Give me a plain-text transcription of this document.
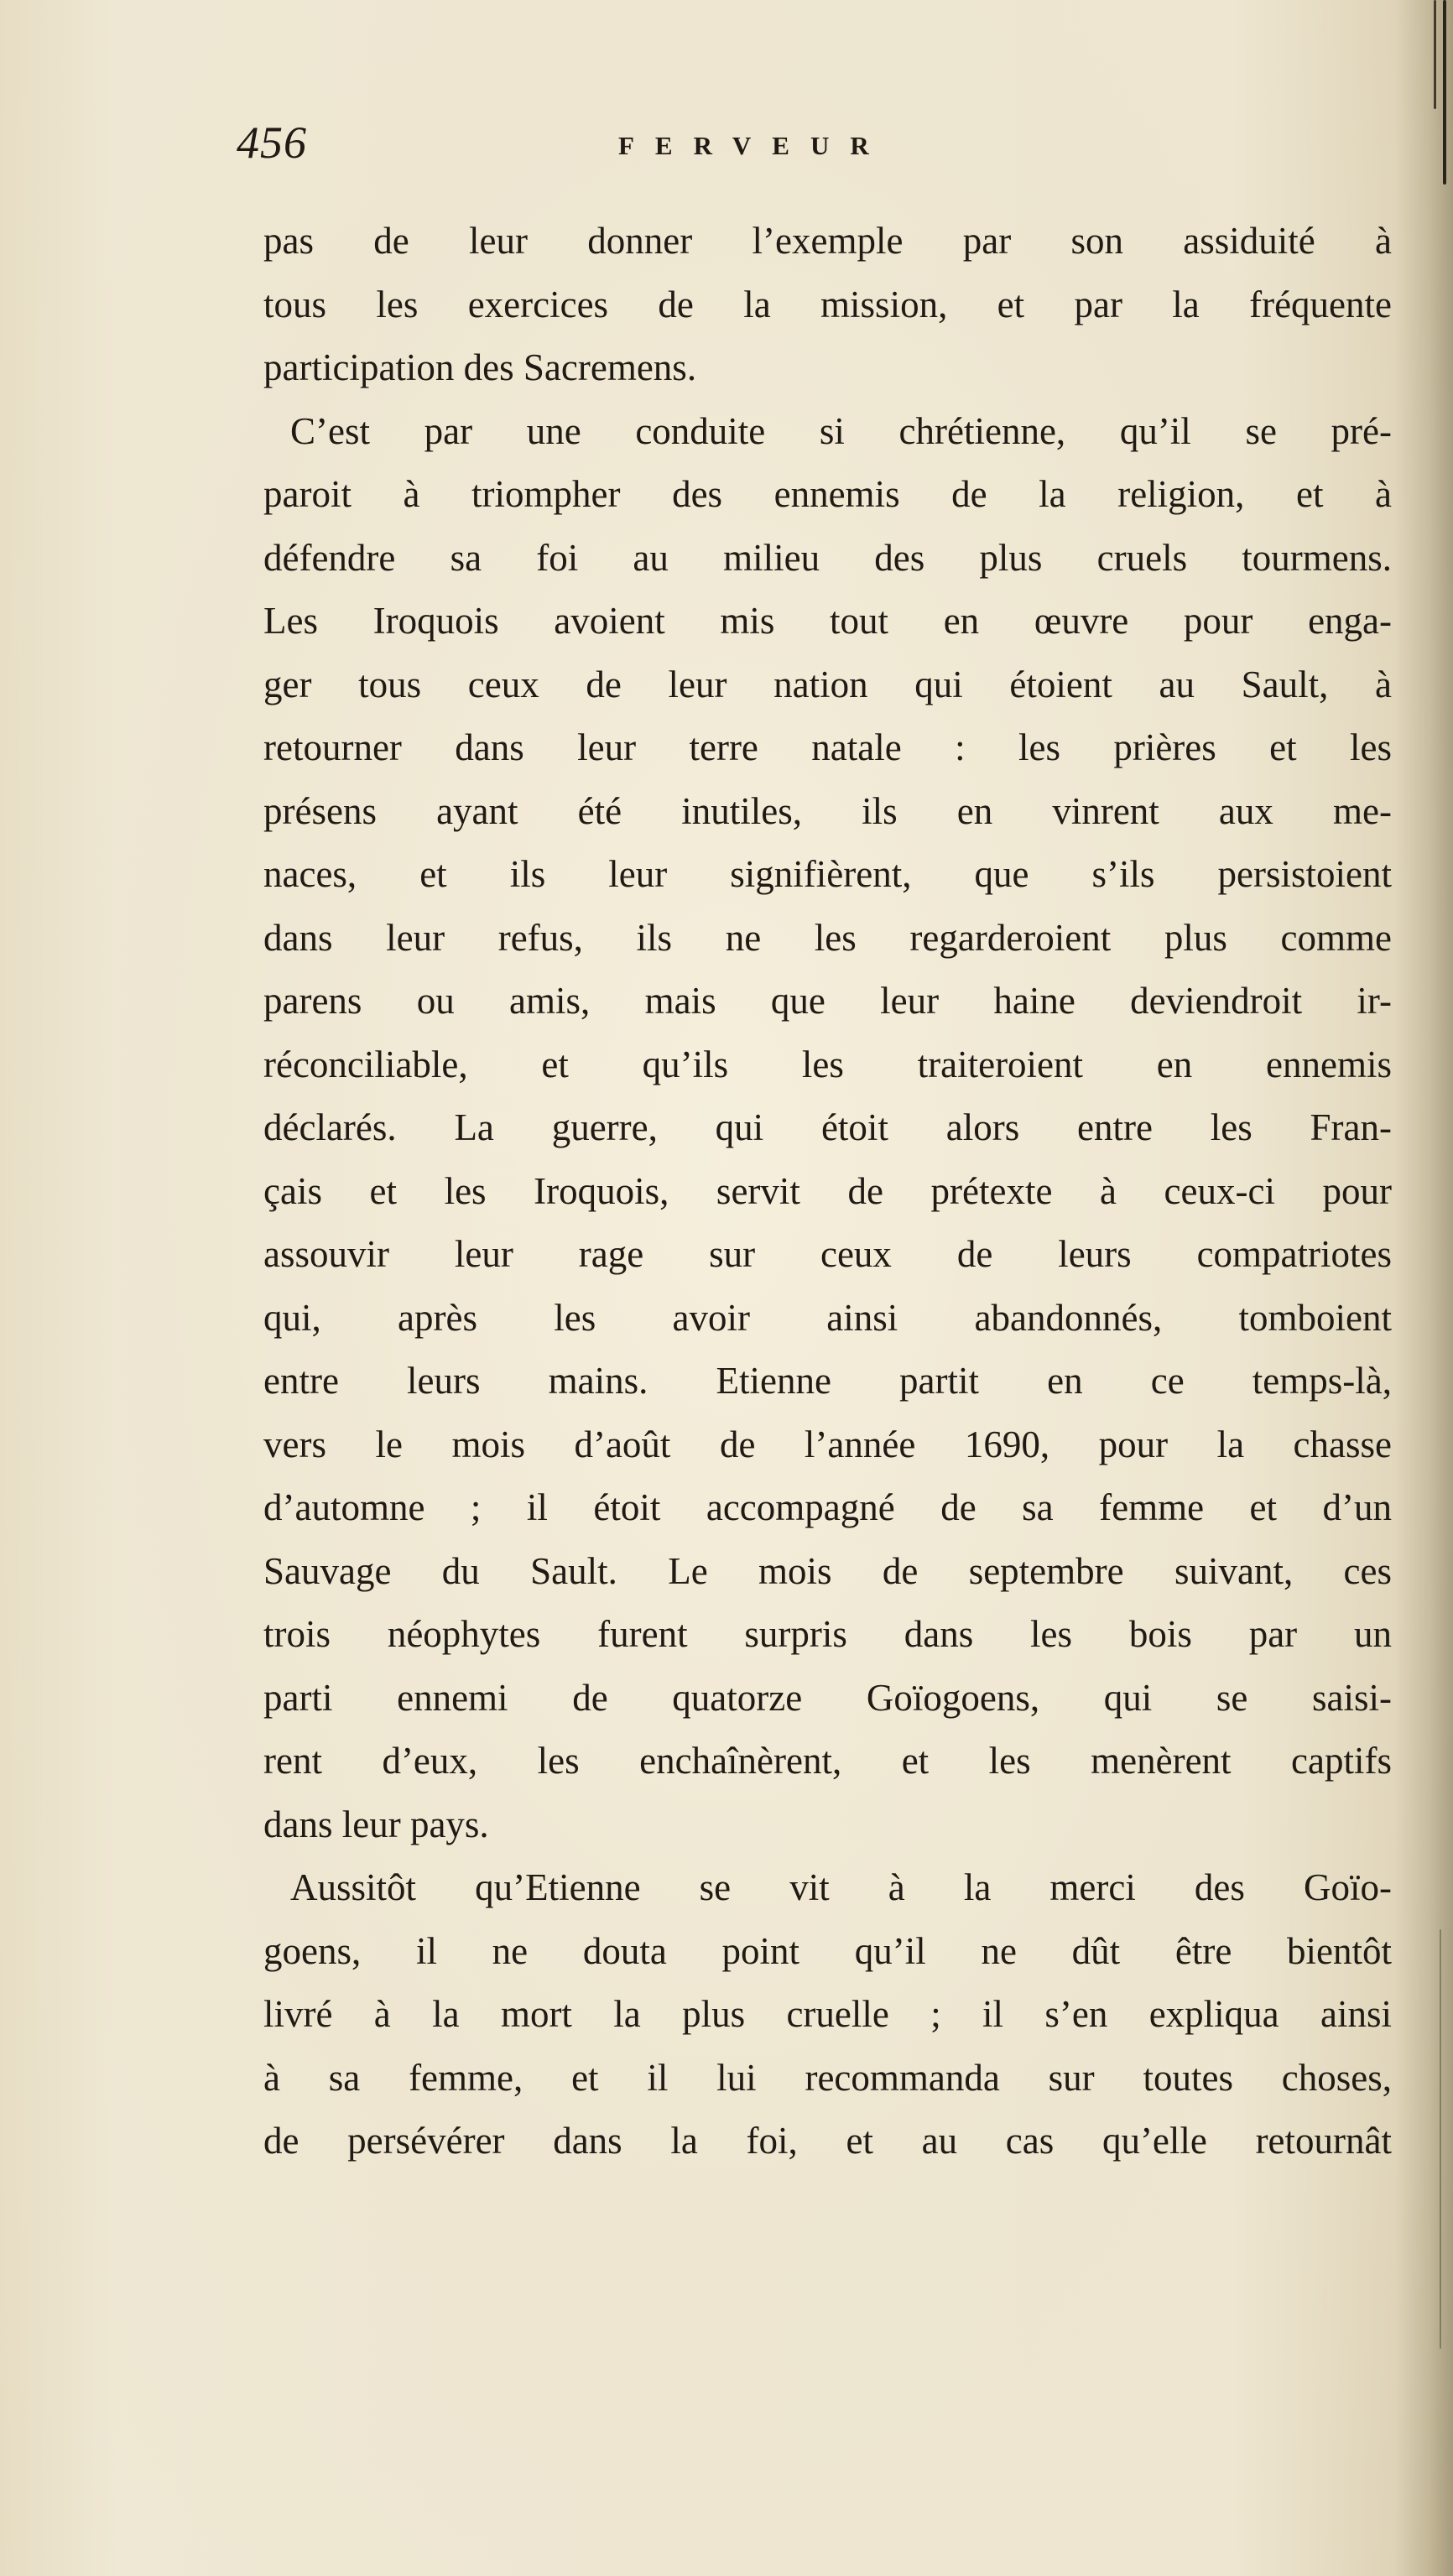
456	FERVEUR
pas de leur donner l’exemple par son assiduité à
tous les exercices de la mission, et par la fréquente
participation des Sacremens.
C’est par une conduite si chrétienne, qu’il se pré-
paroit à triompher des ennemis de la religion, et à
défendre sa foi au milieu des plus cruels tourmens.
Les Iroquois avoient mis tout en œuvre pour enga-
ger tous ceux de leur nation qui étoient au Sault, à
retourner dans leur terre natale : les prières et les
présens ayant été inutiles, ils en vinrent aux me-
naces, et ils leur signifièrent, que s’ils persistoient
dans leur refus, ils ne les regarderoient plus comme
parens ou amis, mais que leur haine deviendroit ir-
réconciliable, et qu’ils les traiteroient en ennemis
déclarés. La guerre, qui étoit alors entre les Fran-
çais et les Iroquois, servit de prétexte à ceux-ci pour
assouvir leur rage sur ceux de leurs compatriotes
qui, après les avoir ainsi abandonnés, tomboient
entre leurs mains. Etienne partit en ce temps-là,
vers le mois d’août de l’année 1690, pour la chasse
d’automne ; il étoit accompagné de sa femme et d’un
Sauvage du Sault. Le mois de septembre suivant, ces
trois néophytes furent surpris dans les bois par un
parti ennemi de quatorze Goïogoens, qui se saisi-
rent d’eux, les enchaînèrent, et les menèrent captifs
dans leur pays.
Aussitôt qu’Etienne se vit à la merci des Goïo-
goens, il ne douta point qu’il ne dût être bientôt
livré à la mort la plus cruelle ; il s’en expliqua ainsi
à sa femme, et il lui recommanda sur toutes choses,
de persévérer dans la foi, et au cas qu’elle retournât
